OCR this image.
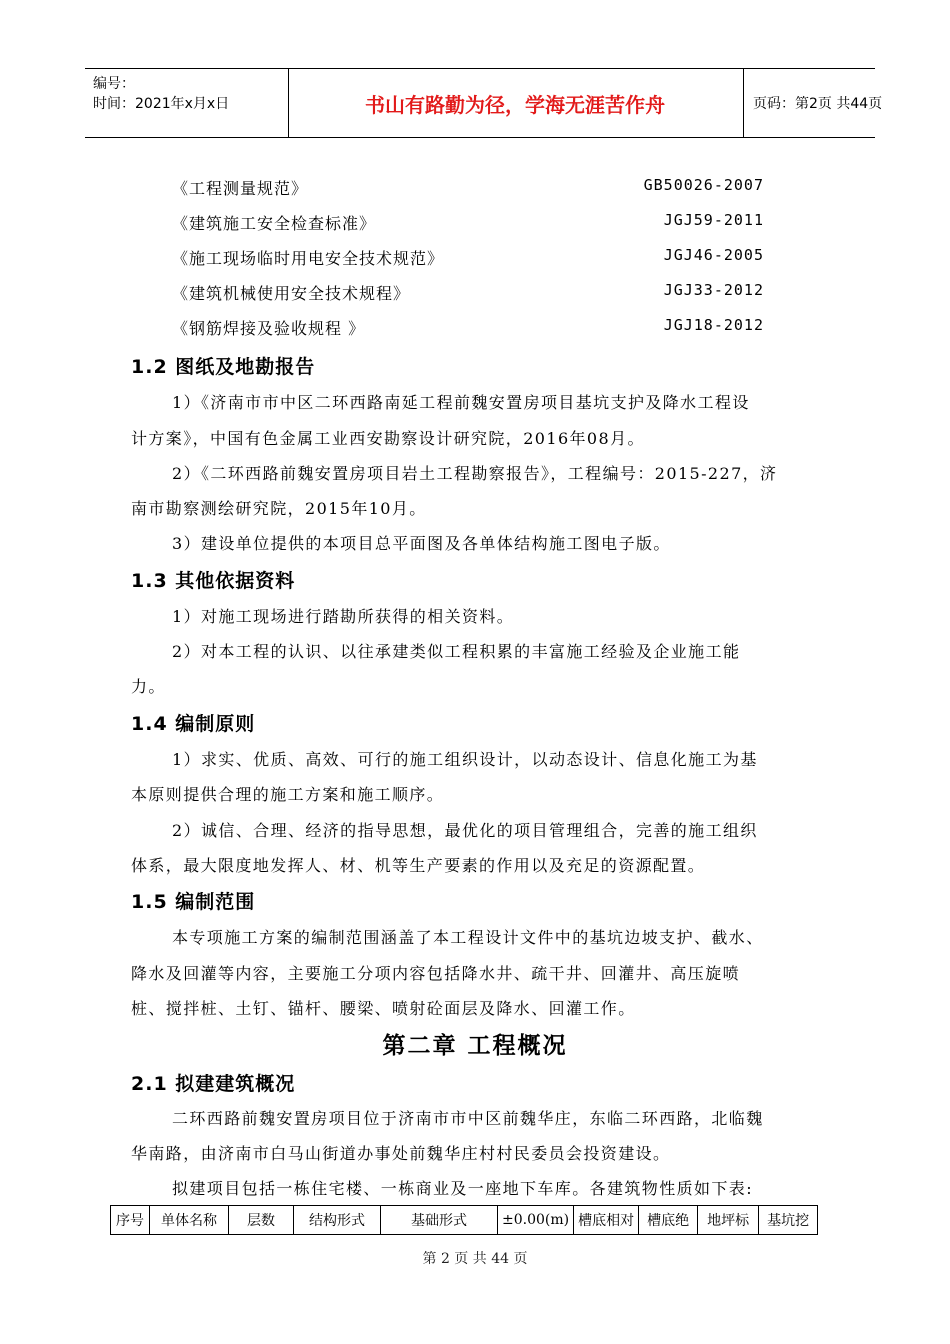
编号：
时间：2021年x月x日	书山有路勤为径，学海无涯苦作舟	页码：第2页 共44页
《工程测量规范》	GB50026-2007
《建筑施工安全检查标准》	JGJ59-2011
《施工现场临时用电安全技术规范》	JGJ46-2005
《建筑机械使用安全技术规程》	JGJ33-2012
《钢筋焊接及验收规程 》	JGJ18-2012
1.2 图纸及地勘报告
1）《济南市市中区二环西路南延工程前魏安置房项目基坑支护及降水工程设
计方案》，中国有色金属工业西安勘察设计研究院，2016年08月。
2）《二环西路前魏安置房项目岩土工程勘察报告》，工程编号：2015-227，济
南市勘察测绘研究院，2015年10月。
3）建设单位提供的本项目总平面图及各单体结构施工图电子版。
1.3 其他依据资料
1）对施工现场进行踏勘所获得的相关资料。
2）对本工程的认识、以往承建类似工程积累的丰富施工经验及企业施工能
力。
1.4 编制原则
1）求实、优质、高效、可行的施工组织设计，以动态设计、信息化施工为基
本原则提供合理的施工方案和施工顺序。
2）诚信、合理、经济的指导思想，最优化的项目管理组合，完善的施工组织
体系，最大限度地发挥人、材、机等生产要素的作用以及充足的资源配置。
1.5 编制范围
本专项施工方案的编制范围涵盖了本工程设计文件中的基坑边坡支护、截水、
降水及回灌等内容，主要施工分项内容包括降水井、疏干井、回灌井、高压旋喷
桩、搅拌桩、土钉、锚杆、腰梁、喷射砼面层及降水、回灌工作。
第二章 工程概况
2.1 拟建建筑概况
二环西路前魏安置房项目位于济南市市中区前魏华庄，东临二环西路，北临魏
华南路，由济南市白马山街道办事处前魏华庄村村民委员会投资建设。
拟建项目包括一栋住宅楼、一栋商业及一座地下车库。各建筑物性质如下表:
序号	单体名称	层数	结构形式	基础形式	±0.00(m)	槽底相对	槽底绝	地坪标	基坑挖
第 2 页 共 44 页
